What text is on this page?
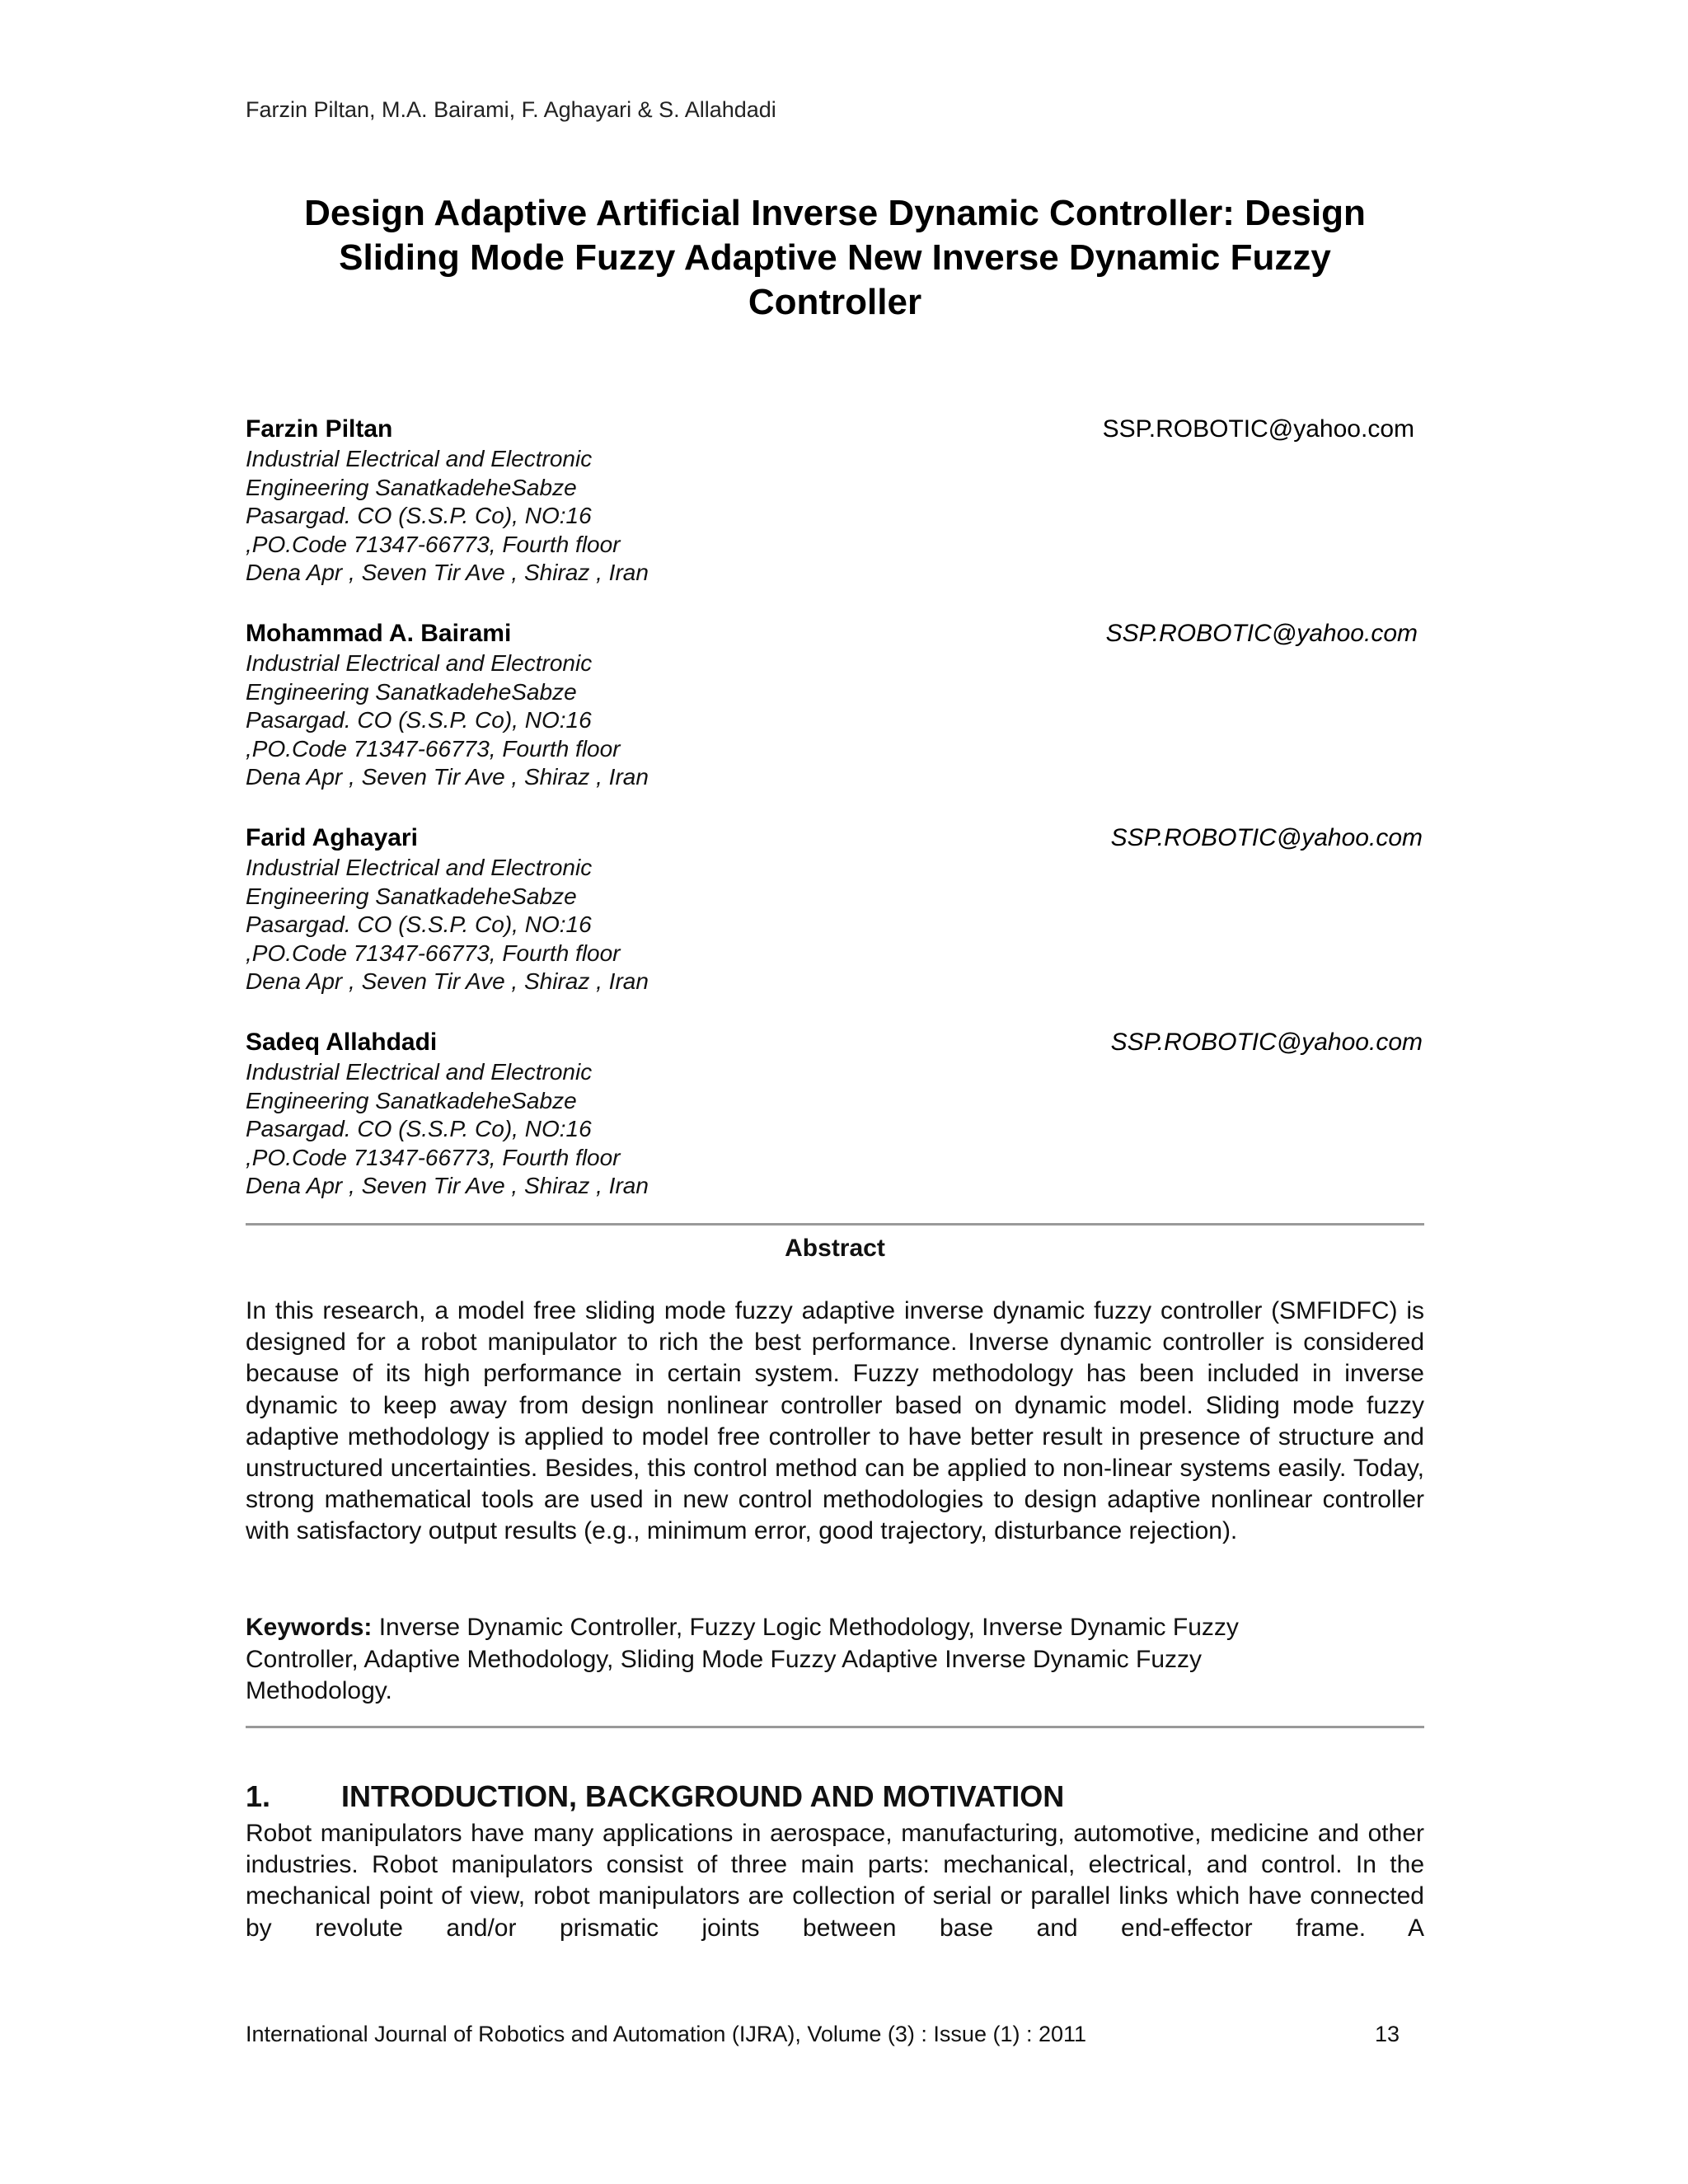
Farzin Piltan, M.A. Bairami, F. Aghayari & S. Allahdadi
Design Adaptive Artificial Inverse Dynamic Controller: Design
Sliding Mode Fuzzy Adaptive New Inverse Dynamic Fuzzy
Controller
Farzin Piltan	SSP.ROBOTIC@yahoo.com
Industrial Electrical and Electronic
Engineering SanatkadeheSabze
Pasargad. CO (S.S.P. Co), NO:16
,PO.Code 71347-66773, Fourth floor
Dena Apr , Seven Tir Ave , Shiraz , Iran
Mohammad A. Bairami	SSP.ROBOTIC@yahoo.com
Industrial Electrical and Electronic
Engineering SanatkadeheSabze
Pasargad. CO (S.S.P. Co), NO:16
,PO.Code 71347-66773, Fourth floor
Dena Apr , Seven Tir Ave , Shiraz , Iran
Farid Aghayari	SSP.ROBOTIC@yahoo.com
Industrial Electrical and Electronic
Engineering SanatkadeheSabze
Pasargad. CO (S.S.P. Co), NO:16
,PO.Code 71347-66773, Fourth floor
Dena Apr , Seven Tir Ave , Shiraz , Iran
Sadeq Allahdadi	SSP.ROBOTIC@yahoo.com
Industrial Electrical and Electronic
Engineering SanatkadeheSabze
Pasargad. CO (S.S.P. Co), NO:16
,PO.Code 71347-66773, Fourth floor
Dena Apr , Seven Tir Ave , Shiraz , Iran
Abstract
In this research, a model free sliding mode fuzzy adaptive inverse dynamic fuzzy controller (SMFIDFC) is designed for a robot manipulator to rich the best performance. Inverse dynamic controller is considered because of its high performance in certain system. Fuzzy methodology has been included in inverse dynamic to keep away from design nonlinear controller based on dynamic model. Sliding mode fuzzy adaptive methodology is applied to model free controller to have better result in presence of structure and unstructured uncertainties. Besides, this control method can be applied to non-linear systems easily. Today, strong mathematical tools are used in new control methodologies to design adaptive nonlinear controller with satisfactory output results (e.g., minimum error, good trajectory, disturbance rejection).
Keywords: Inverse Dynamic Controller, Fuzzy Logic Methodology, Inverse Dynamic Fuzzy Controller, Adaptive Methodology, Sliding Mode Fuzzy Adaptive Inverse Dynamic Fuzzy Methodology.
1. INTRODUCTION, BACKGROUND AND MOTIVATION
Robot manipulators have many applications in aerospace, manufacturing, automotive, medicine and other industries. Robot manipulators consist of three main parts: mechanical, electrical, and control. In the mechanical point of view, robot manipulators are collection of serial or parallel links which have connected by revolute and/or prismatic joints between base and end-effector frame. A
International Journal of Robotics and Automation (IJRA), Volume (3) : Issue (1) : 2011	13
